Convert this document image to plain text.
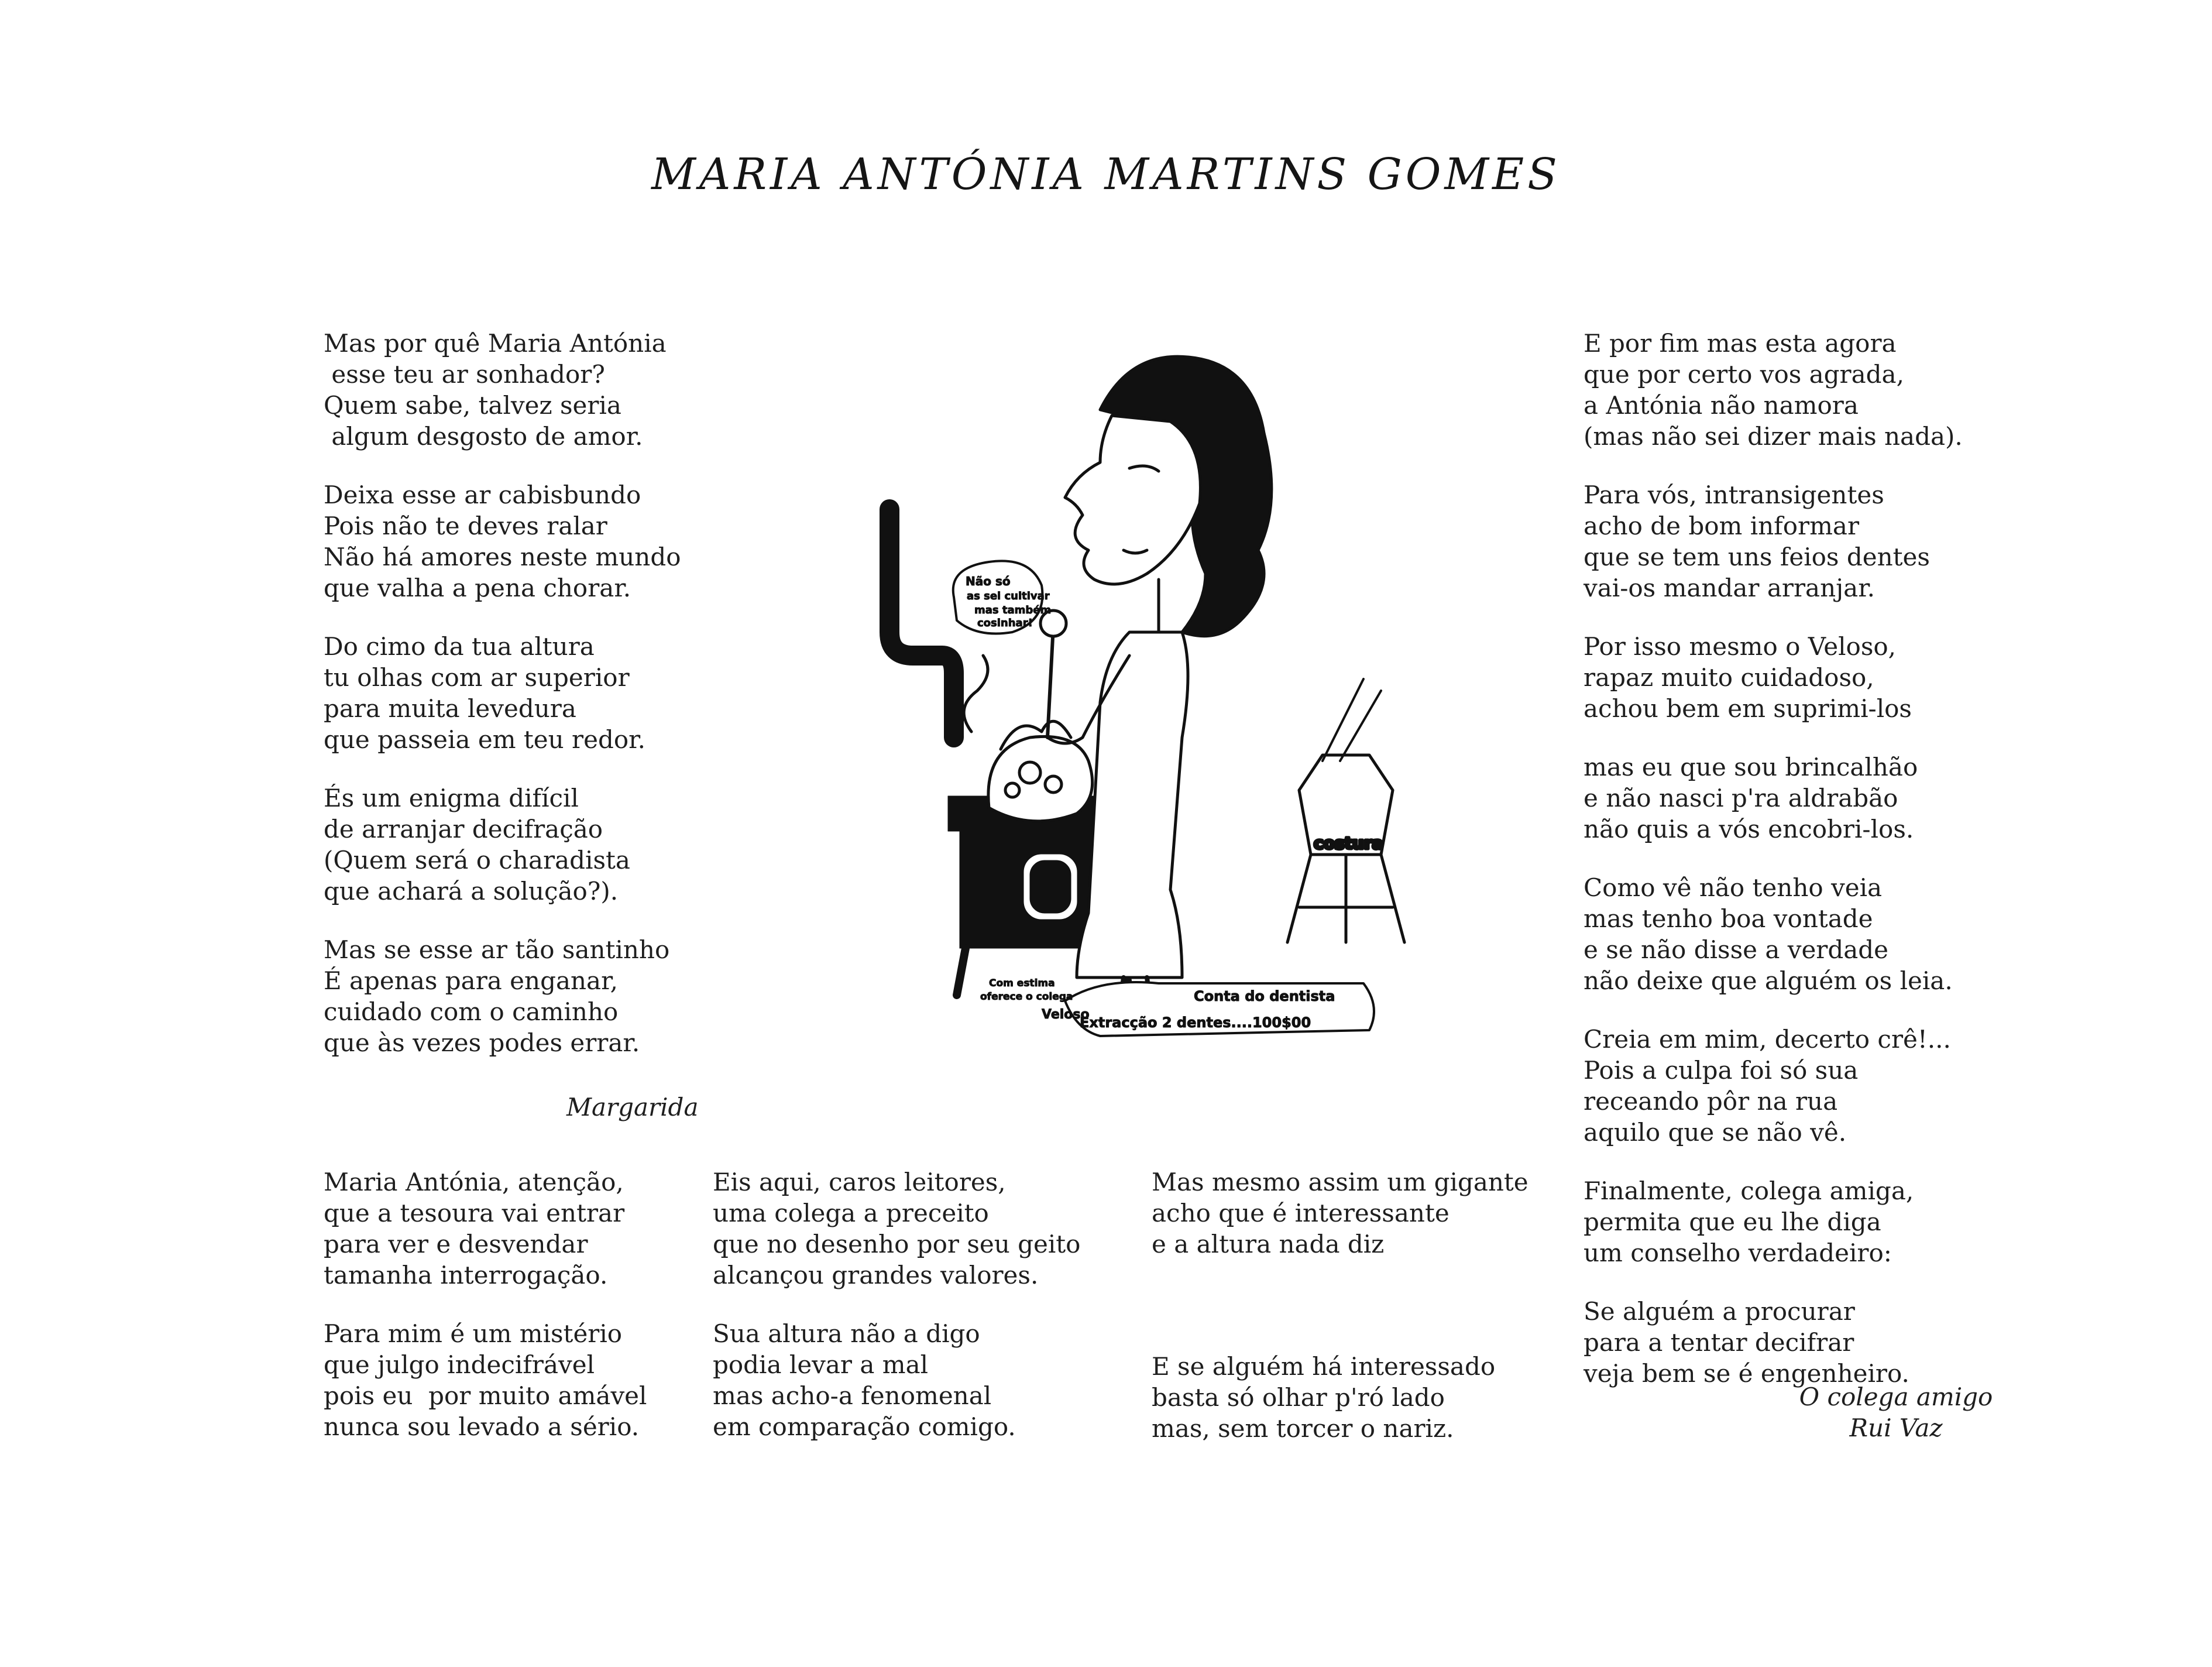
MARIA ANTÓNIA MARTINS GOMES

Mas por quê Maria Antónia
esse teu ar sonhador?
Quem sabe, talvez seria
algum desgosto de amor.

Deixa esse ar cabisbundo
Pois não te deves ralar
Não há amores neste mundo
que valha a pena chorar.

Do cimo da tua altura
tu olhas com ar superior
para muita levedura
que passeia em teu redor.

És um enigma difícil
de arranjar decifração
(Quem será o charadista
que achará a solução?).

Mas se esse ar tão santinho
É apenas para enganar,
cuidado com o caminho
que às vezes podes errar.

Margarida

Maria Antónia, atenção,
que a tesoura vai entrar
para ver e desvendar
tamanha interrogação.

Para mim é um mistério
que julgo indecifrável
pois eu  por muito amável
nunca sou levado a sério.

Eis aqui, caros leitores,
uma colega a preceito
que no desenho por seu geito
alcançou grandes valores.

Sua altura não a digo
podia levar a mal
mas acho-a fenomenal
em comparação comigo.

Mas mesmo assim um gigante
acho que é interessante
e a altura nada diz

E se alguém há interessado
basta só olhar p'ró lado
mas, sem torcer o nariz.

E por fim mas esta agora
que por certo vos agrada,
a Antónia não namora
(mas não sei dizer mais nada).

Para vós, intransigentes
acho de bom informar
que se tem uns feios dentes
vai-os mandar arranjar.

Por isso mesmo o Veloso,
rapaz muito cuidadoso,
achou bem em suprimi-los

mas eu que sou brincalhão
e não nasci p'ra aldrabão
não quis a vós encobri-los.

Como vê não tenho veia
mas tenho boa vontade
e se não disse a verdade
não deixe que alguém os leia.

Creia em mim, decerto crê!...
Pois a culpa foi só sua
receando pôr na rua
aquilo que se não vê.

Finalmente, colega amiga,
permita que eu lhe diga
um conselho verdadeiro:

Se alguém a procurar
para a tentar decifrar
veja bem se é engenheiro.

O colega amigo
Rui Vaz
Não só
as sei cultivar
mas também
cosinhar!
costura
Conta do dentista
Extracção 2 dentes....100$00
Com estima
oferece o colega
Veloso
